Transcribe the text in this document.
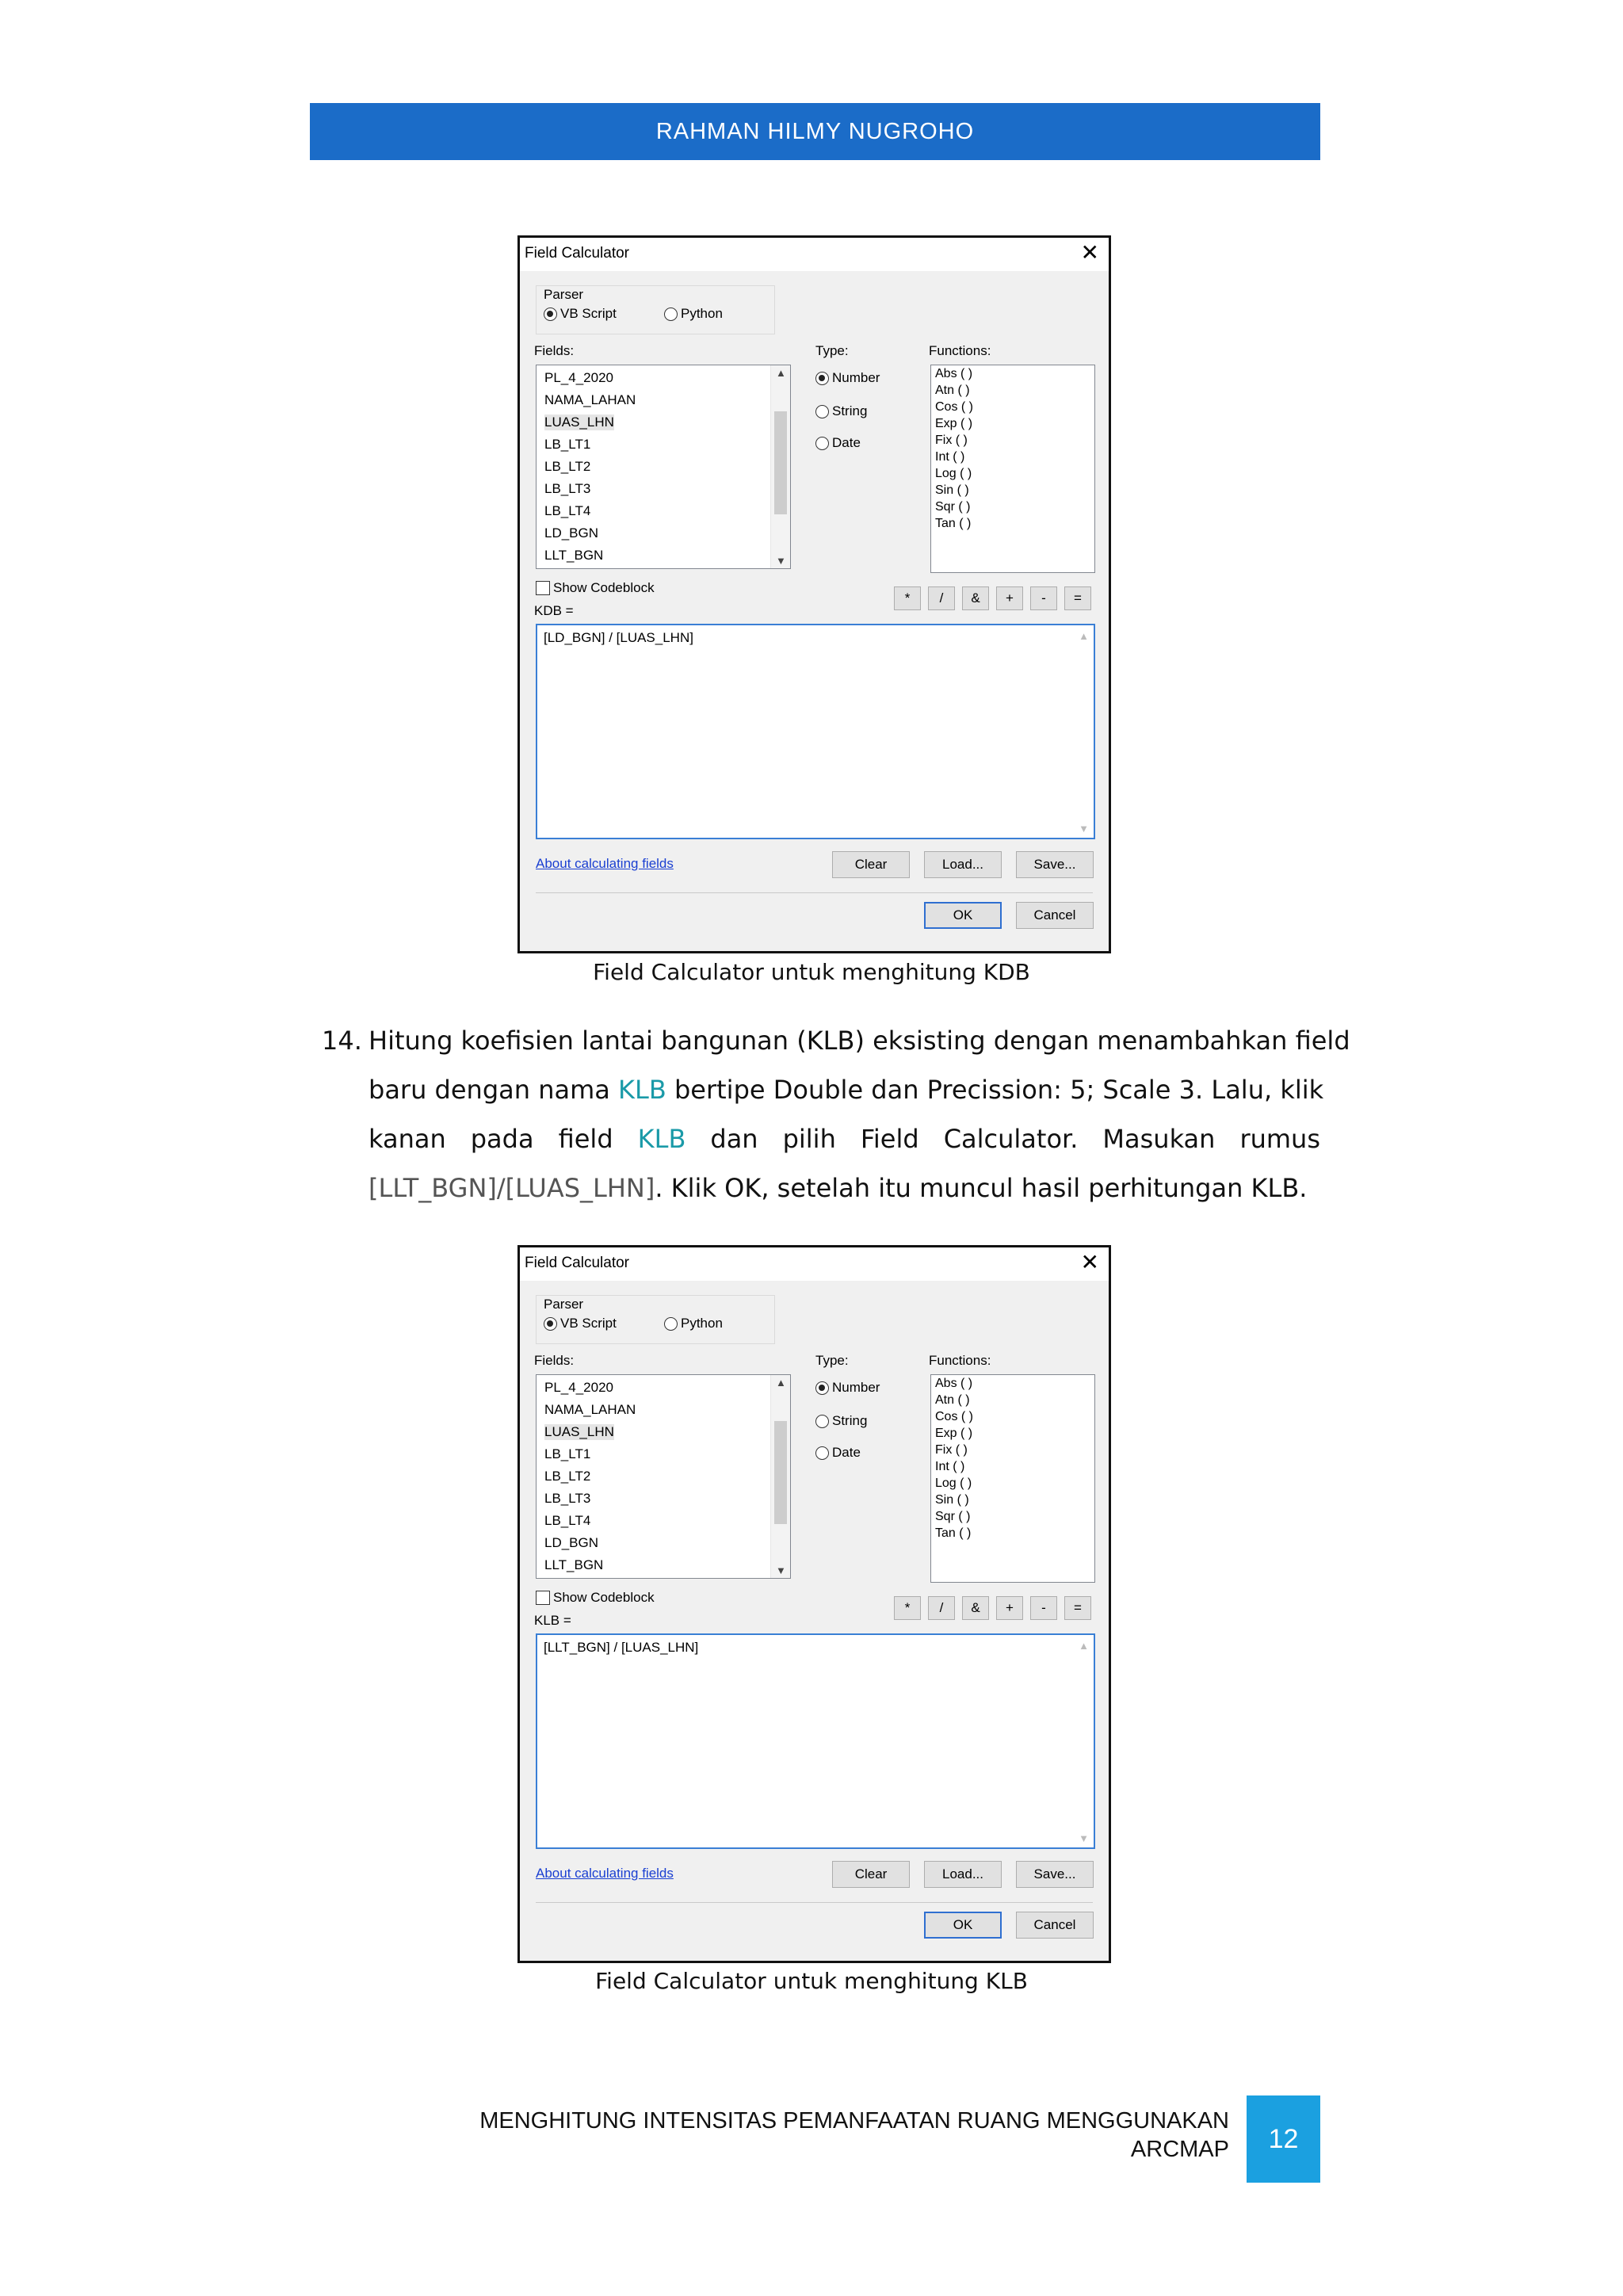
RAHMAN HILMY NUGROHO
Field Calculator	✕
Parser
VB Script	Python
Fields:
PL_4_2020
NAMA_LAHAN
LUAS_LHN
LB_LT1
LB_LT2
LB_LT3
LB_LT4
LD_BGN
LLT_BGN
▲
▼
Type:
Number
String
Date
Functions:
Abs ( )
Atn ( )
Cos ( )
Exp ( )
Fix ( )
Int ( )
Log ( )
Sin ( )
Sqr ( )
Tan ( )
Show Codeblock
*	/	&	+	-	=
KDB =
[LD_BGN] / [LUAS_LHN]	▲
▼
About calculating fields	Clear	Load...	Save...
OK	Cancel
Field Calculator untuk menghitung KDB
14. Hitung koefisien lantai bangunan (KLB) eksisting dengan menambahkan field
baru dengan nama KLB bertipe Double dan Precission: 5; Scale 3. Lalu, klik
kanan pada field KLB dan pilih Field Calculator. Masukan rumus
[LLT_BGN]/[LUAS_LHN]. Klik OK, setelah itu muncul hasil perhitungan KLB.
Field Calculator	✕
Parser
VB Script	Python
Fields:
PL_4_2020
NAMA_LAHAN
LUAS_LHN
LB_LT1
LB_LT2
LB_LT3
LB_LT4
LD_BGN
LLT_BGN
▲
▼
Type:
Number
String
Date
Functions:
Abs ( )
Atn ( )
Cos ( )
Exp ( )
Fix ( )
Int ( )
Log ( )
Sin ( )
Sqr ( )
Tan ( )
Show Codeblock
*	/	&	+	-	=
KLB =
[LLT_BGN] / [LUAS_LHN]	▲
▼
About calculating fields	Clear	Load...	Save...
OK	Cancel
Field Calculator untuk menghitung KLB
MENGHITUNG INTENSITAS PEMANFAATAN RUANG MENGGUNAKAN
ARCMAP 12
